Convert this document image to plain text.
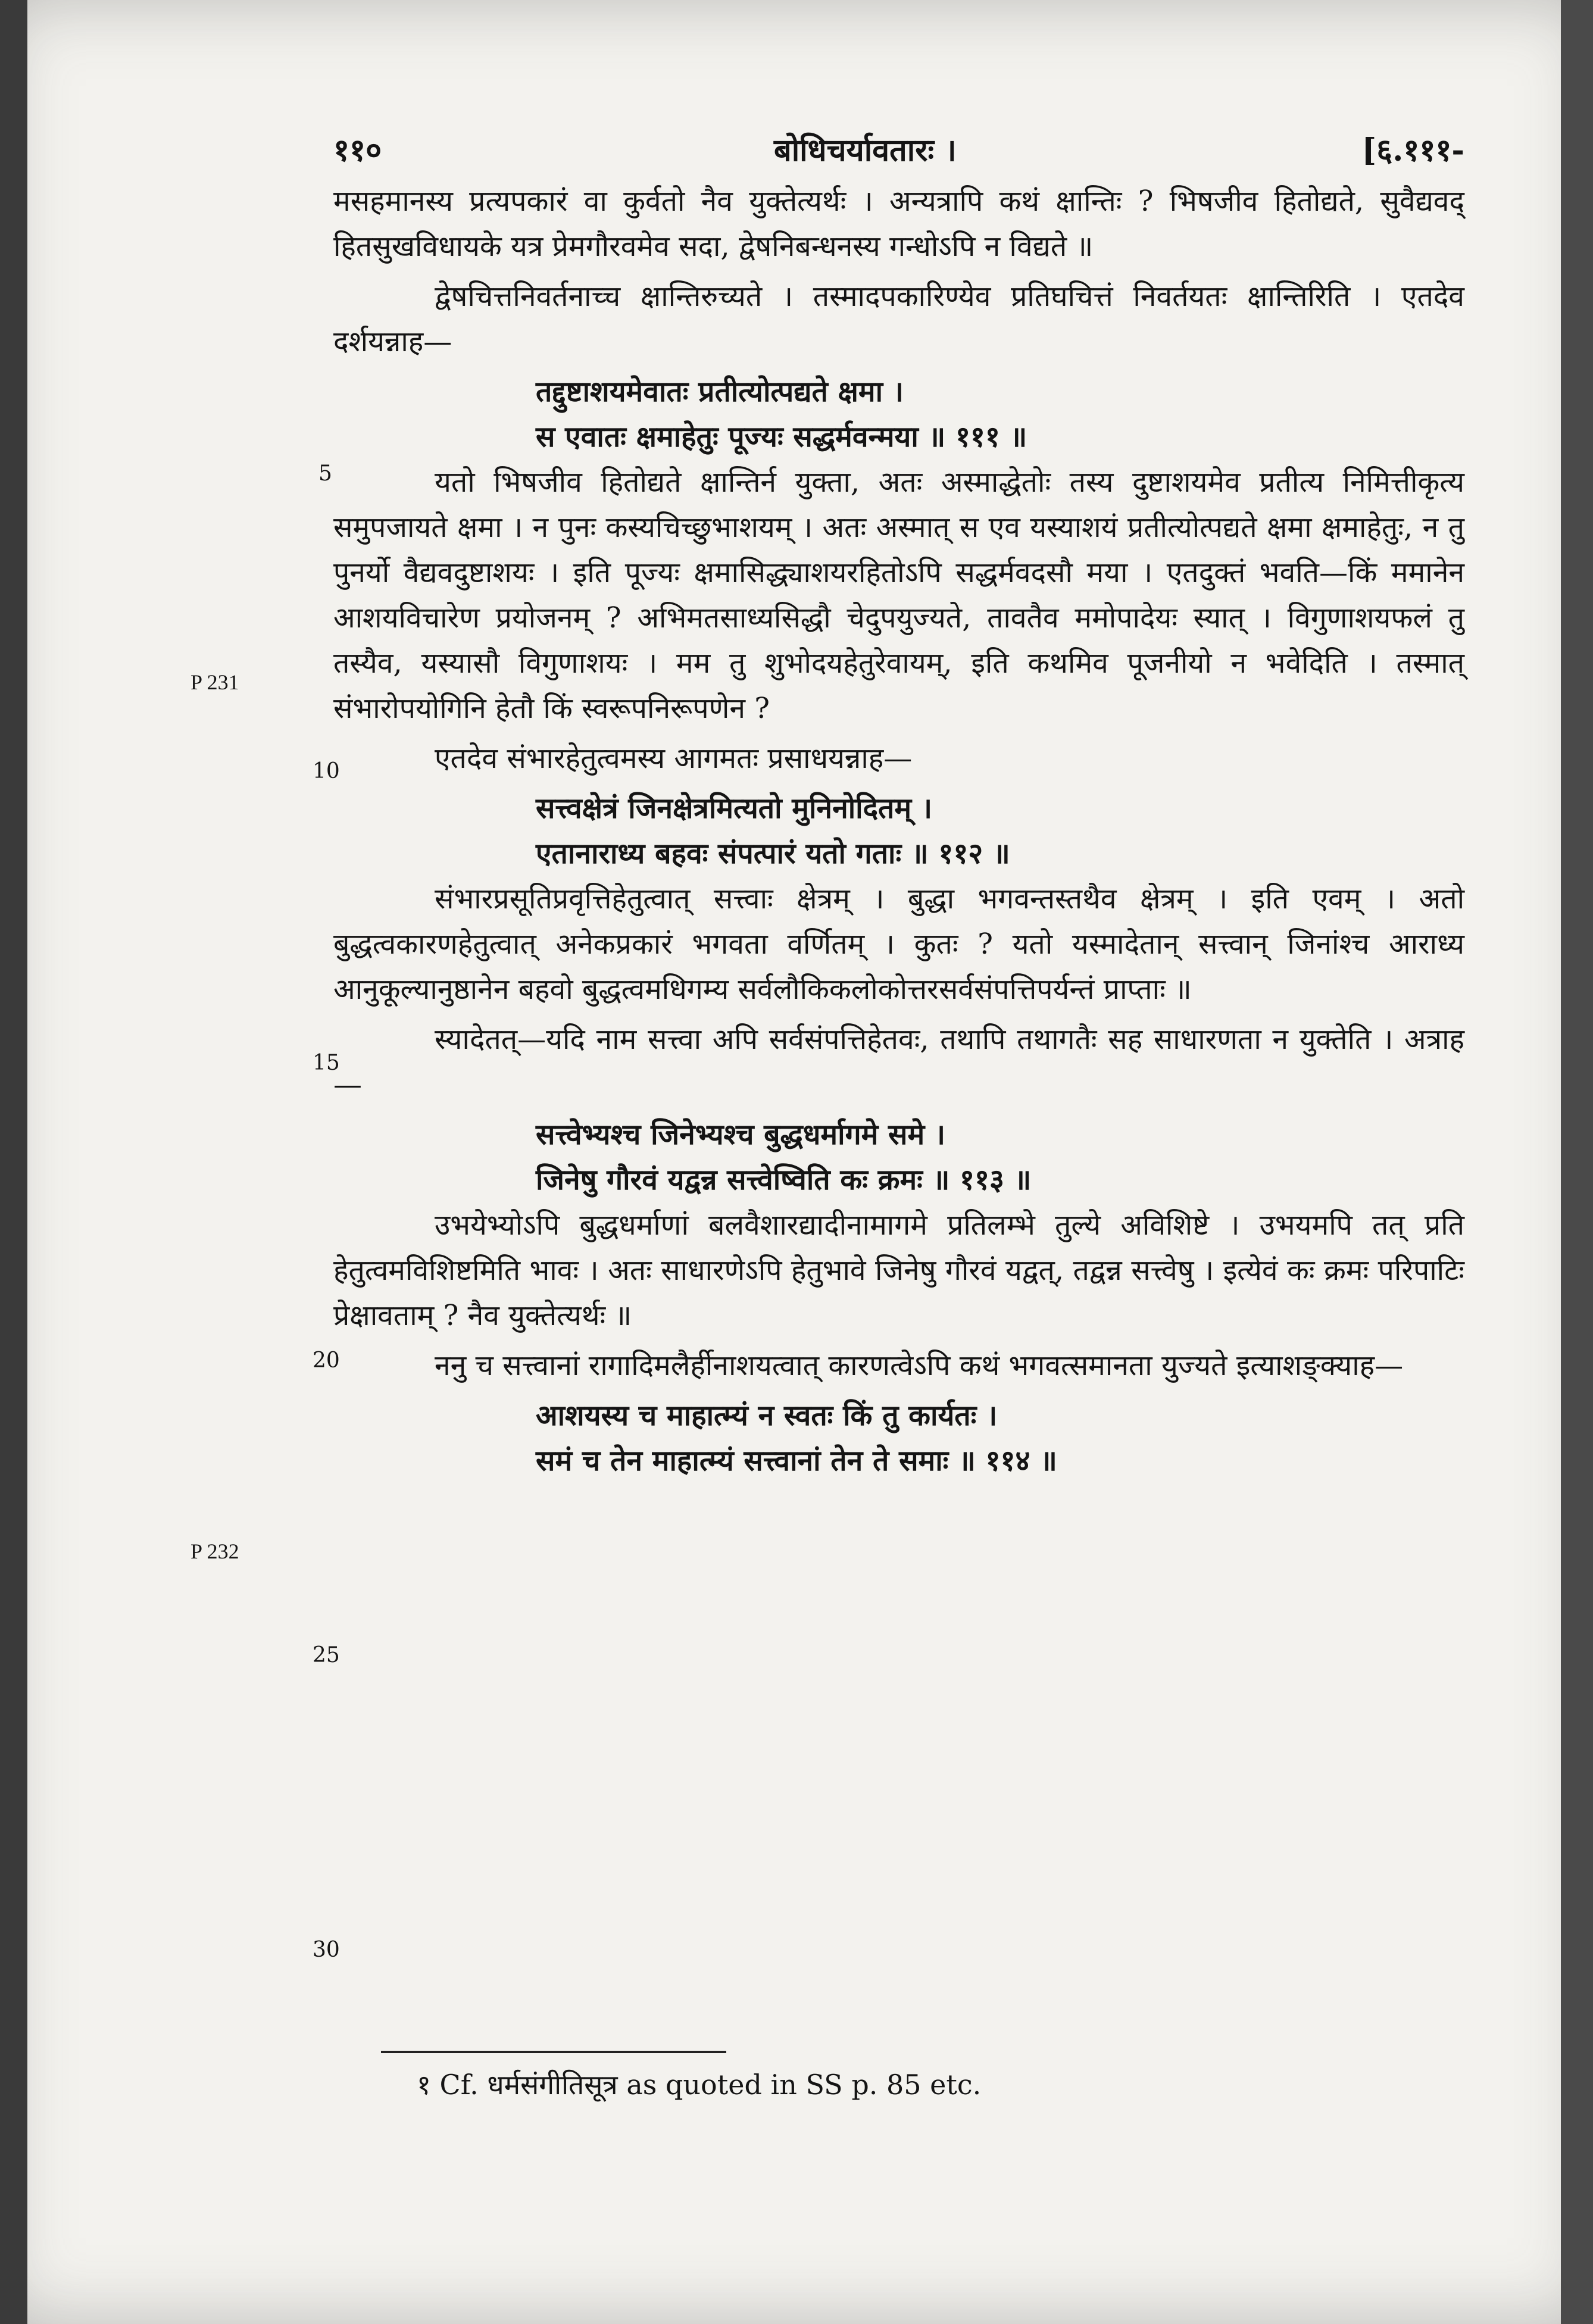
११०	बोधिचर्यावतारः ।	[६.१११-
P 231
P 232
5
10
15
20
25
30

मसहमानस्य प्रत्यपकारं वा कुर्वतो नैव युक्तेत्यर्थः । अन्यत्रापि कथं क्षान्तिः ? भिषजीव हितोद्यते, सुवैद्यवद् हितसुखविधायके यत्र प्रेमगौरवमेव सदा, द्वेषनिबन्धनस्य गन्धोऽपि न विद्यते ॥

द्वेषचित्तनिवर्तनाच्च क्षान्तिरुच्यते । तस्मादपकारिण्येव प्रतिघचित्तं निवर्तयतः क्षान्तिरिति । एतदेव दर्शयन्नाह—

तद्दुष्टाशयमेवातः प्रतीत्योत्पद्यते क्षमा ।

स एवातः क्षमाहेतुः पूज्यः सद्धर्मवन्मया ॥ १११ ॥

यतो भिषजीव हितोद्यते क्षान्तिर्न युक्ता, अतः अस्माद्धेतोः तस्य दुष्टाशयमेव प्रतीत्य निमित्तीकृत्य समुपजायते क्षमा । न पुनः कस्यचिच्छुभाशयम् । अतः अस्मात् स एव यस्याशयं प्रतीत्योत्पद्यते क्षमा क्षमाहेतुः, न तु पुनर्यो वैद्यवदुष्टाशयः । इति पूज्यः क्षमासिद्ध्याशयरहितोऽपि सद्धर्मवदसौ मया । एतदुक्तं भवति—किं ममानेन आशयविचारेण प्रयोजनम् ? अभिमतसाध्यसिद्धौ चेदुपयुज्यते, तावतैव ममोपादेयः स्यात् । विगुणाशयफलं तु तस्यैव, यस्यासौ विगुणाशयः । मम तु शुभोदयहेतुरेवायम्, इति कथमिव पूजनीयो न भवेदिति । तस्मात् संभारोपयोगिनि हेतौ किं स्वरूपनिरूपणेन ?

एतदेव संभारहेतुत्वमस्य आगमतः प्रसाधयन्नाह—

सत्त्वक्षेत्रं जिनक्षेत्रमित्यतो मुनिनोदितम् ।

एतानाराध्य बहवः संपत्पारं यतो गताः ॥ ११२ ॥

संभारप्रसूतिप्रवृत्तिहेतुत्वात् सत्त्वाः क्षेत्रम् । बुद्धा भगवन्तस्तथैव क्षेत्रम् । इति एवम् । अतो बुद्धत्वकारणहेतुत्वात् अनेकप्रकारं भगवता वर्णितम् । कुतः ? यतो यस्मादेतान् सत्त्वान् जिनांश्च आराध्य आनुकूल्यानुष्ठानेन बहवो बुद्धत्वमधिगम्य सर्वलौकिकलोकोत्तरसर्वसंपत्तिपर्यन्तं प्राप्ताः ॥

स्यादेतत्—यदि नाम सत्त्वा अपि सर्वसंपत्तिहेतवः, तथापि तथागतैः सह साधारणता न युक्तेति । अत्राह—

सत्त्वेभ्यश्च जिनेभ्यश्च बुद्धधर्मागमे समे ।

जिनेषु गौरवं यद्वन्न सत्त्वेष्विति कः क्रमः ॥ ११३ ॥

उभयेभ्योऽपि बुद्धधर्माणां बलवैशारद्यादीनामागमे प्रतिलम्भे तुल्ये अविशिष्टे । उभयमपि तत् प्रति हेतुत्वमविशिष्टमिति भावः । अतः साधारणेऽपि हेतुभावे जिनेषु गौरवं यद्वत्, तद्वन्न सत्त्वेषु । इत्येवं कः क्रमः परिपाटिः प्रेक्षावताम् ? नैव युक्तेत्यर्थः ॥

ननु च सत्त्वानां रागादिमलैर्हीनाशयत्वात् कारणत्वेऽपि कथं भगवत्समानता युज्यते इत्याशङ्क्याह—

आशयस्य च माहात्म्यं न स्वतः किं तु कार्यतः ।

समं च तेन माहात्म्यं सत्त्वानां तेन ते समाः ॥ ११४ ॥

१ Cf. धर्मसंगीतिसूत्र as quoted in SS p. 85 etc.
